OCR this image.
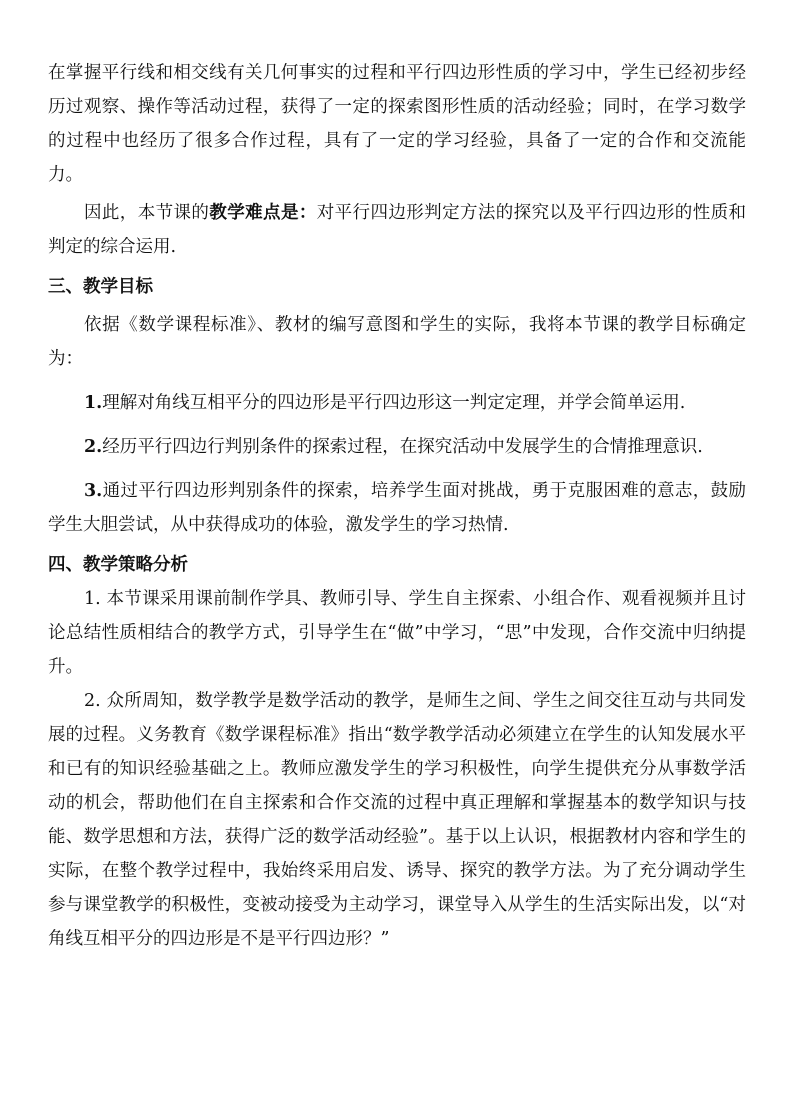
在掌握平行线和相交线有关几何事实的过程和平行四边形性质的学习中，学生已经初步经历过观察、操作等活动过程，获得了一定的探索图形性质的活动经验；同时，在学习数学的过程中也经历了很多合作过程，具有了一定的学习经验，具备了一定的合作和交流能力。

因此，本节课的教学难点是：对平行四边形判定方法的探究以及平行四边形的性质和判定的综合运用.

三、教学目标

依据《数学课程标准》、教材的编写意图和学生的实际，我将本节课的教学目标确定为：

1.理解对角线互相平分的四边形是平行四边形这一判定定理，并学会简单运用.

2.经历平行四边行判别条件的探索过程，在探究活动中发展学生的合情推理意识.

3.通过平行四边形判别条件的探索，培养学生面对挑战，勇于克服困难的意志，鼓励学生大胆尝试，从中获得成功的体验，激发学生的学习热情.

四、教学策略分析

1. 本节课采用课前制作学具、教师引导、学生自主探索、小组合作、观看视频并且讨论总结性质相结合的教学方式，引导学生在“做”中学习，“思”中发现，合作交流中归纳提升。

2. 众所周知，数学教学是数学活动的教学，是师生之间、学生之间交往互动与共同发展的过程。义务教育《数学课程标准》指出“数学教学活动必须建立在学生的认知发展水平和已有的知识经验基础之上。教师应激发学生的学习积极性，向学生提供充分从事数学活动的机会，帮助他们在自主探索和合作交流的过程中真正理解和掌握基本的数学知识与技能、数学思想和方法，获得广泛的数学活动经验”。基于以上认识，根据教材内容和学生的实际，在整个教学过程中，我始终采用启发、诱导、探究的教学方法。为了充分调动学生参与课堂教学的积极性，变被动接受为主动学习，课堂导入从学生的生活实际出发，以“对角线互相平分的四边形是不是平行四边形？”
